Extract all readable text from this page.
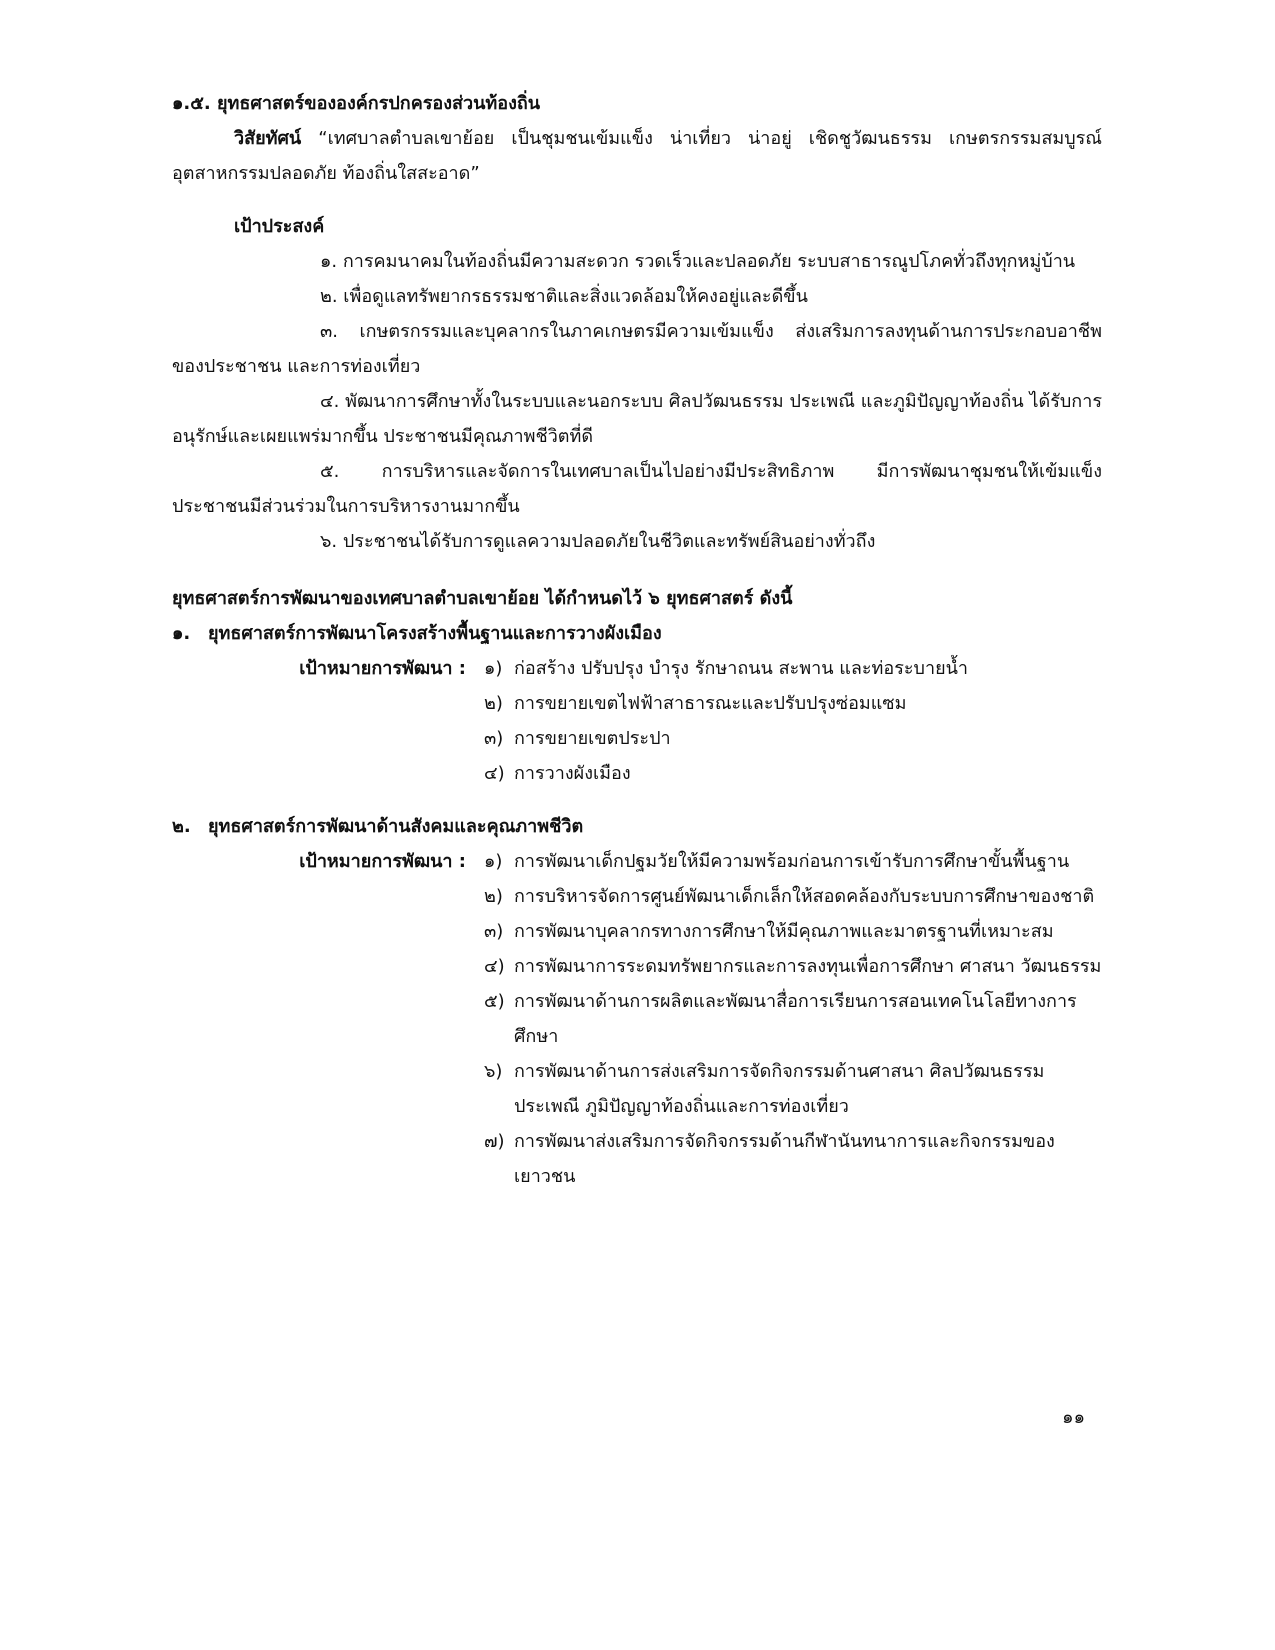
๑.๕. ยุทธศาสตร์ขององค์กรปกครองส่วนท้องถิ่น
วิสัยทัศน์ “เทศบาลตำบลเขาย้อย เป็นชุมชนเข้มแข็ง น่าเที่ยว น่าอยู่ เชิดชูวัฒนธรรม เกษตรกรรมสมบูรณ์ อุตสาหกรรมปลอดภัย ท้องถิ่นใสสะอาด”
เป้าประสงค์
๑. การคมนาคมในท้องถิ่นมีความสะดวก รวดเร็วและปลอดภัย ระบบสาธารณูปโภคทั่วถึงทุกหมู่บ้าน
๒. เพื่อดูแลทรัพยากรธรรมชาติและสิ่งแวดล้อมให้คงอยู่และดีขึ้น
๓. เกษตรกรรมและบุคลากรในภาคเกษตรมีความเข้มแข็ง ส่งเสริมการลงทุนด้านการประกอบอาชีพของประชาชน และการท่องเที่ยว
๔. พัฒนาการศึกษาทั้งในระบบและนอกระบบ ศิลปวัฒนธรรม ประเพณี และภูมิปัญญาท้องถิ่น ได้รับการอนุรักษ์และเผยแพร่มากขึ้น ประชาชนมีคุณภาพชีวิตที่ดี
๕. การบริหารและจัดการในเทศบาลเป็นไปอย่างมีประสิทธิภาพ มีการพัฒนาชุมชนให้เข้มแข็ง ประชาชนมีส่วนร่วมในการบริหารงานมากขึ้น
๖. ประชาชนได้รับการดูแลความปลอดภัยในชีวิตและทรัพย์สินอย่างทั่วถึง
ยุทธศาสตร์การพัฒนาของเทศบาลตำบลเขาย้อย ได้กำหนดไว้ ๖ ยุทธศาสตร์ ดังนี้
๑. ยุทธศาสตร์การพัฒนาโครงสร้างพื้นฐานและการวางผังเมือง
เป้าหมายการพัฒนา :	๑) ก่อสร้าง ปรับปรุง บำรุง รักษาถนน สะพาน และท่อระบายน้ำ
๒) การขยายเขตไฟฟ้าสาธารณะและปรับปรุงซ่อมแซม
๓) การขยายเขตประปา
๔) การวางผังเมือง
๒. ยุทธศาสตร์การพัฒนาด้านสังคมและคุณภาพชีวิต
เป้าหมายการพัฒนา :	๑) การพัฒนาเด็กปฐมวัยให้มีความพร้อมก่อนการเข้ารับการศึกษาขั้นพื้นฐาน
๒) การบริหารจัดการศูนย์พัฒนาเด็กเล็กให้สอดคล้องกับระบบการศึกษาของชาติ
๓) การพัฒนาบุคลากรทางการศึกษาให้มีคุณภาพและมาตรฐานที่เหมาะสม
๔) การพัฒนาการระดมทรัพยากรและการลงทุนเพื่อการศึกษา ศาสนา วัฒนธรรม
๕) การพัฒนาด้านการผลิตและพัฒนาสื่อการเรียนการสอนเทคโนโลยีทางการศึกษา
๖) การพัฒนาด้านการส่งเสริมการจัดกิจกรรมด้านศาสนา ศิลปวัฒนธรรม ประเพณี ภูมิปัญญาท้องถิ่นและการท่องเที่ยว
๗) การพัฒนาส่งเสริมการจัดกิจกรรมด้านกีฬานันทนาการและกิจกรรมของเยาวชน
๑๑
